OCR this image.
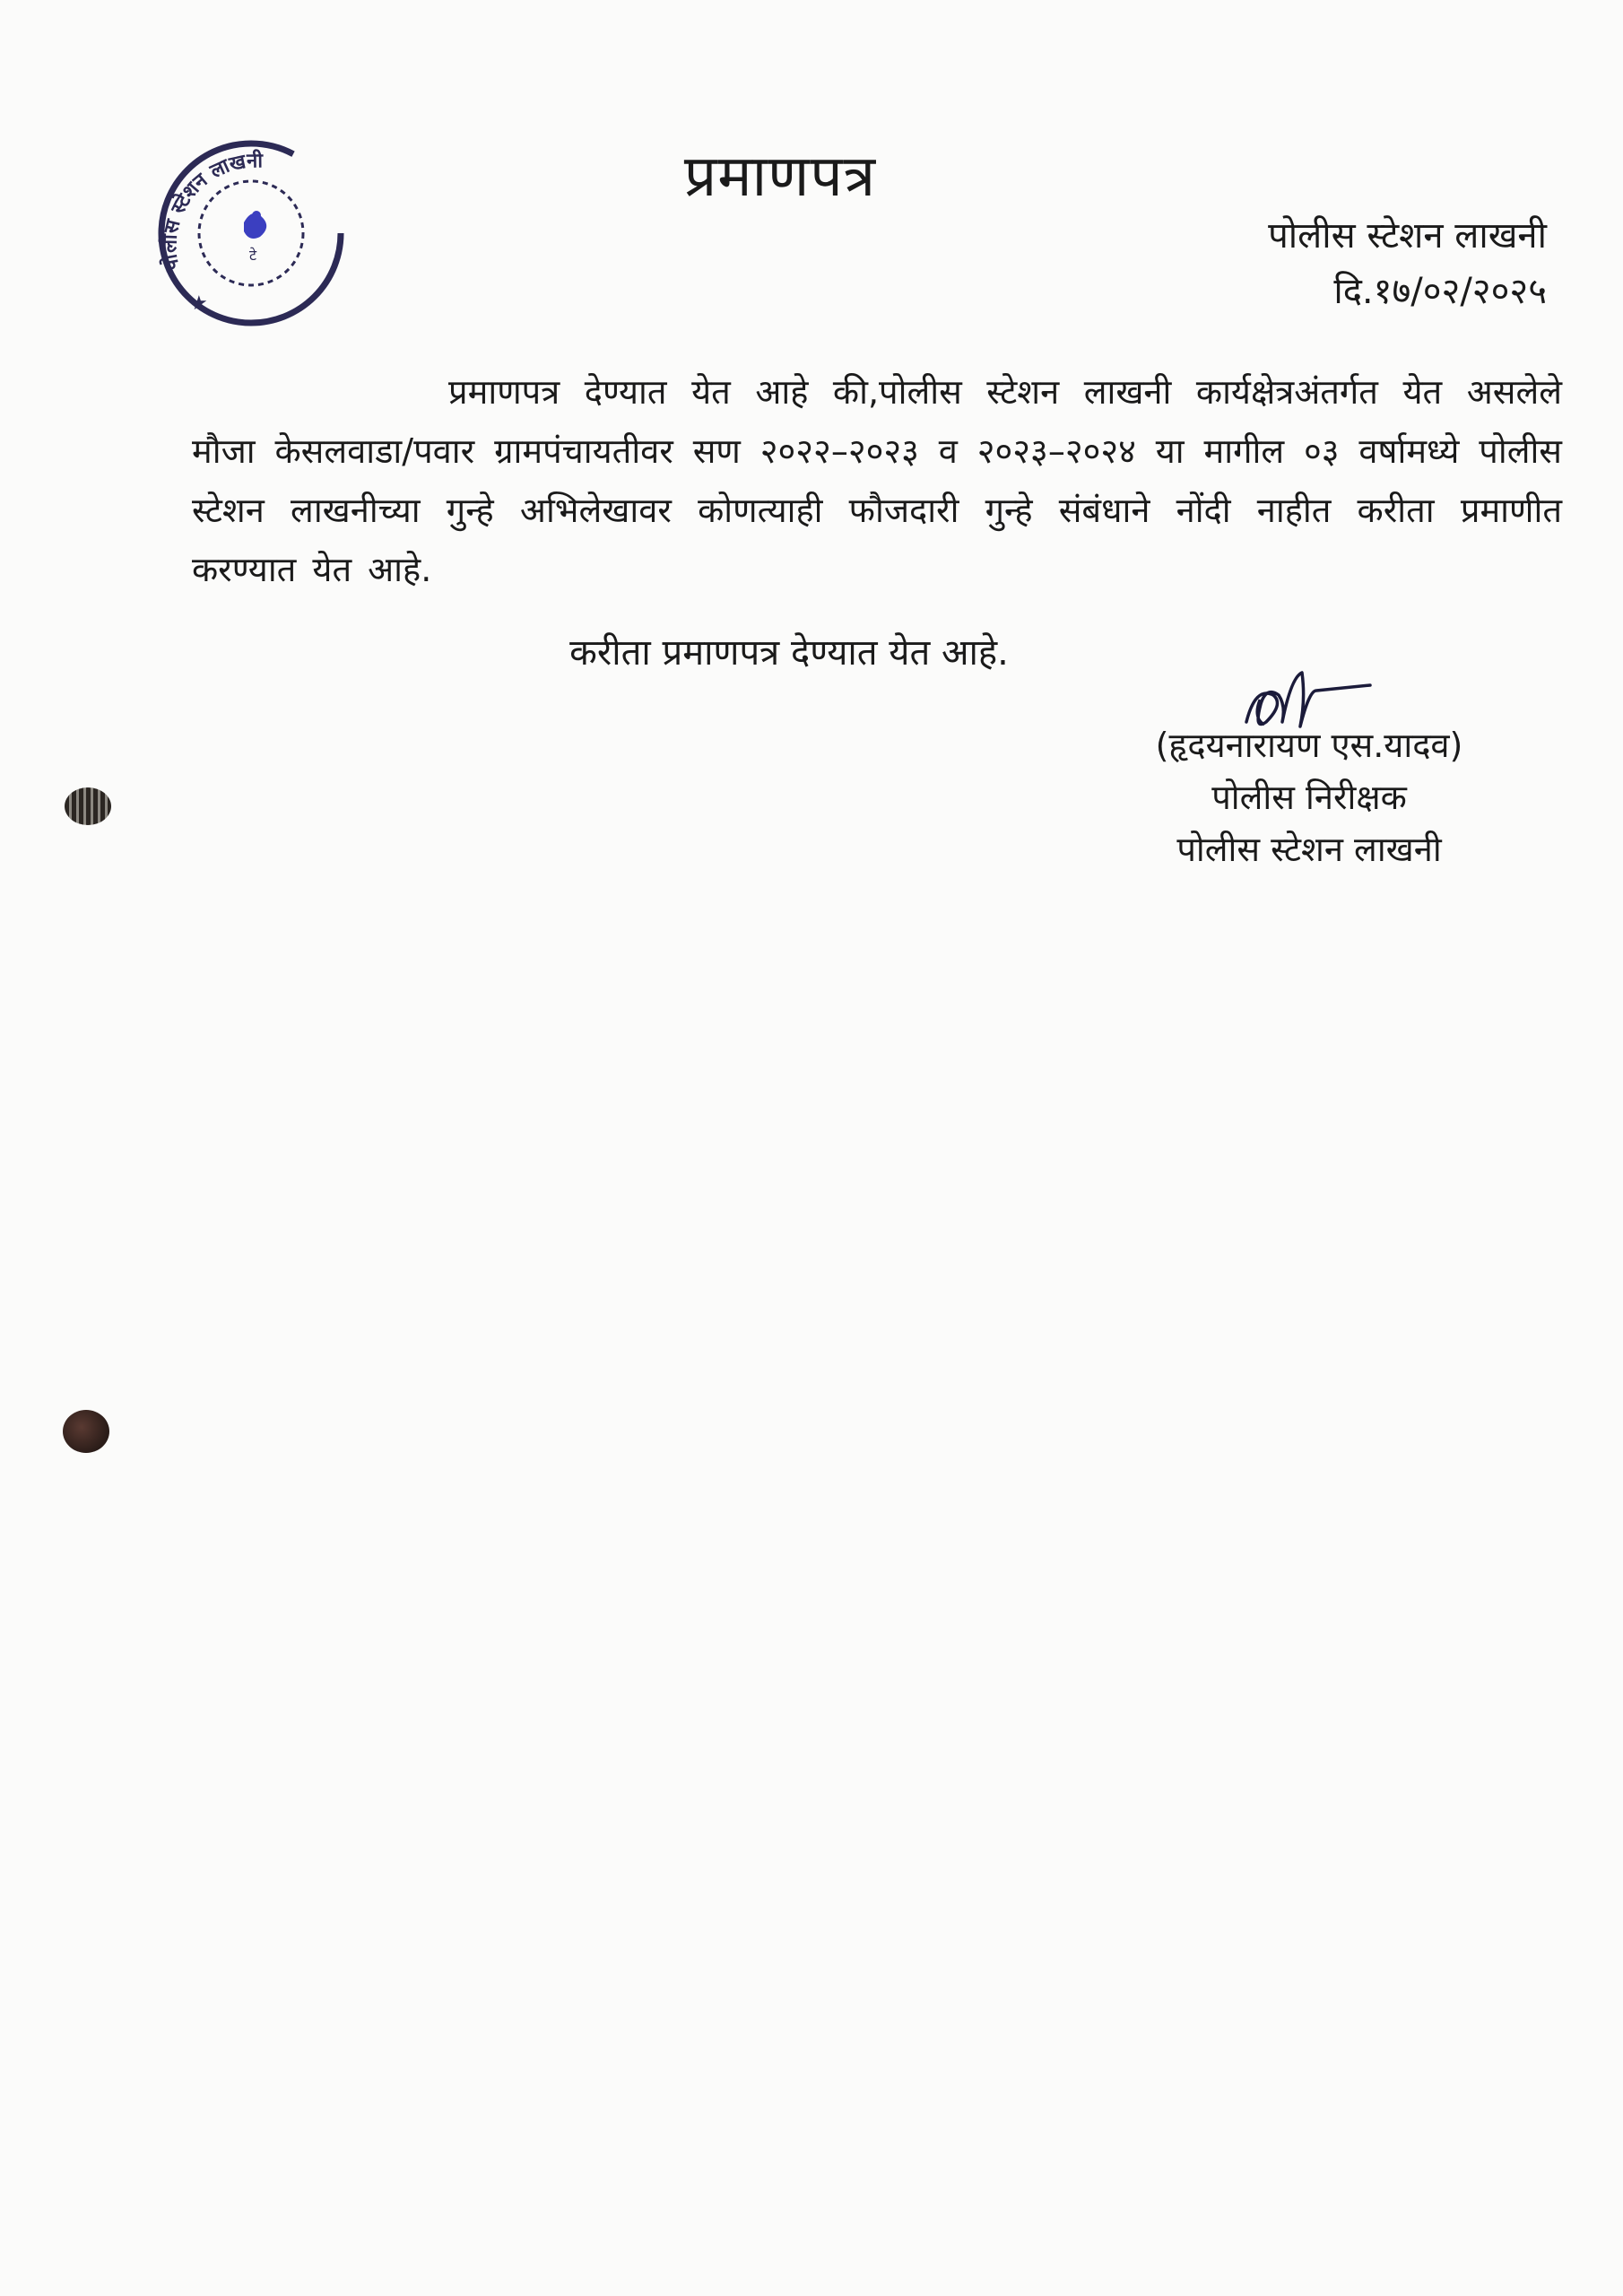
पोलीस स्टेशन लाखनी
★
टे
प्रमाणपत्र
पोलीस स्टेशन लाखनी
दि.१७/०२/२०२५
प्रमाणपत्र देण्यात येत आहे की,पोलीस स्टेशन लाखनी कार्यक्षेत्रअंतर्गत येत असलेले मौजा केसलवाडा/पवार ग्रामपंचायतीवर सण २०२२–२०२३ व २०२३–२०२४ या मागील ०३ वर्षामध्ये पोलीस स्टेशन लाखनीच्या गुन्हे अभिलेखावर कोणत्याही फौजदारी गुन्हे संबंधाने नोंदी नाहीत करीता प्रमाणीत करण्यात येत आहे.
करीता प्रमाणपत्र देण्यात येत आहे.
(हृदयनारायण एस.यादव)
पोलीस निरीक्षक
पोलीस स्टेशन लाखनी
